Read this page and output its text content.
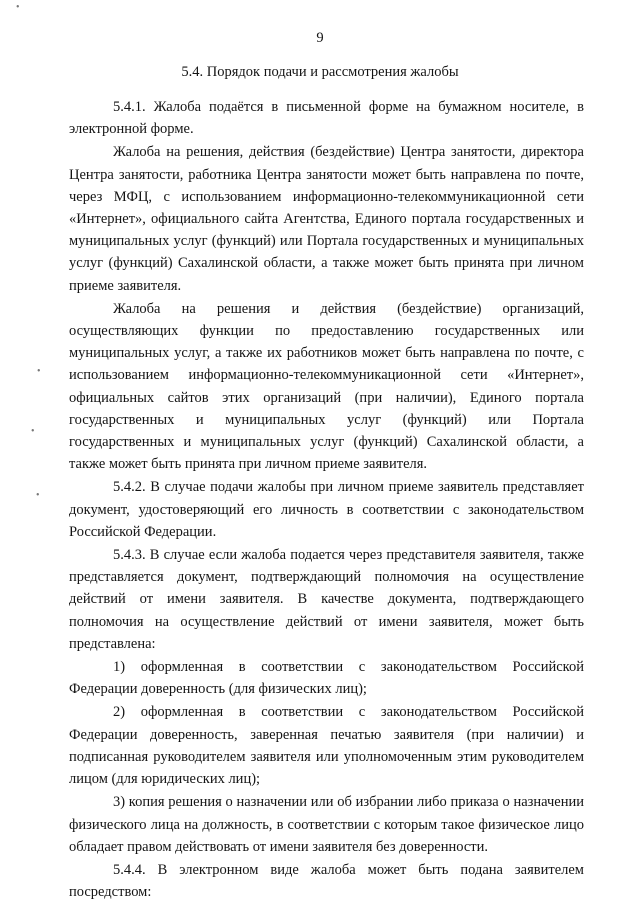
•
•
•
•
9
5.4. Порядок подачи и рассмотрения жалобы

5.4.1. Жалоба подаётся в письменной форме на бумажном носителе, в электронной форме.

Жалоба на решения, действия (бездействие) Центра занятости, директора Центра занятости, работника Центра занятости может быть направлена по почте, через МФЦ, с использованием информационно-телекоммуникационной сети «Интернет», официального сайта Агентства, Единого портала государственных и муниципальных услуг (функций) или Портала государственных и муниципальных услуг (функций) Сахалинской области, а также может быть принята при личном приеме заявителя.

Жалоба на решения и действия (бездействие) организаций, осуществляющих функции по предоставлению государственных или муниципальных услуг, а также их работников может быть направлена по почте, с использованием информационно-телекоммуникационной сети «Интернет», официальных сайтов этих организаций (при наличии), Единого портала государственных и муниципальных услуг (функций) или Портала государственных и муниципальных услуг (функций) Сахалинской области, а также может быть принята при личном приеме заявителя.

5.4.2. В случае подачи жалобы при личном приеме заявитель представляет документ, удостоверяющий его личность в соответствии с законодательством Российской Федерации.

5.4.3. В случае если жалоба подается через представителя заявителя, также представляется документ, подтверждающий полномочия на осуществление действий от имени заявителя. В качестве документа, подтверждающего полномочия на осуществление действий от имени заявителя, может быть представлена:

1) оформленная в соответствии с законодательством Российской Федерации доверенность (для физических лиц);

2) оформленная в соответствии с законодательством Российской Федерации доверенность, заверенная печатью заявителя (при наличии) и подписанная руководителем заявителя или уполномоченным этим руководителем лицом (для юридических лиц);

3) копия решения о назначении или об избрании либо приказа о назначении физического лица на должность, в соответствии с которым такое физическое лицо обладает правом действовать от имени заявителя без доверенности.

5.4.4. В электронном виде жалоба может быть подана заявителем посредством:
